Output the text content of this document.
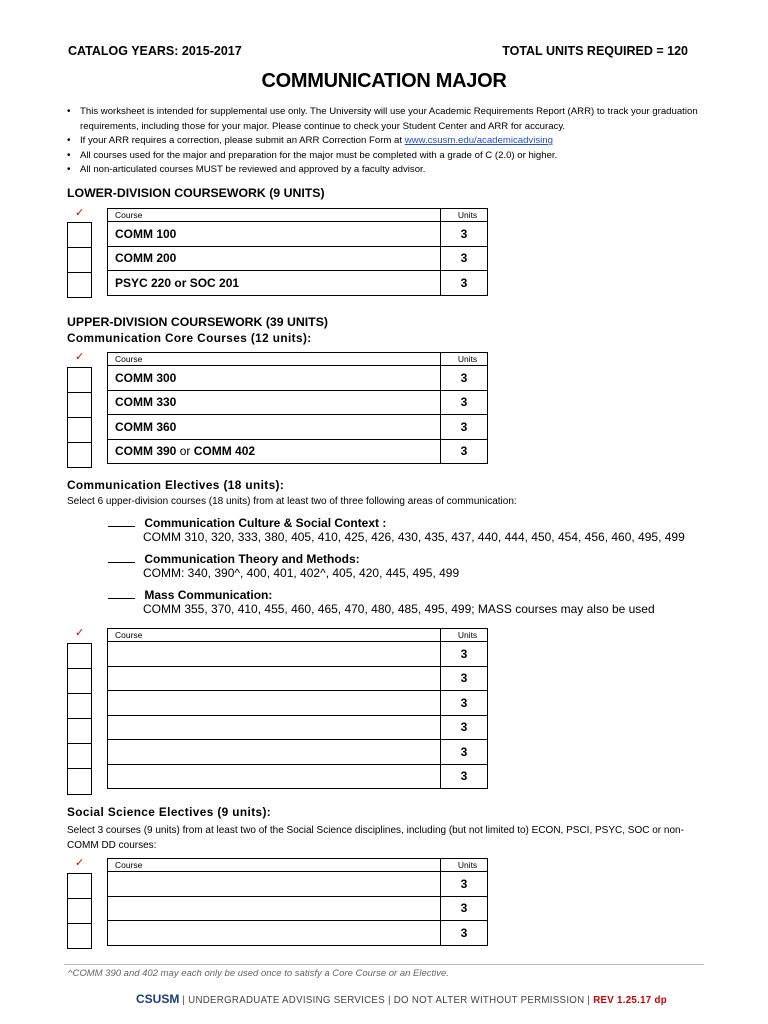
CATALOG YEARS: 2015-2017	TOTAL UNITS REQUIRED = 120
COMMUNICATION MAJOR
• This worksheet is intended for supplemental use only. The University will use your Academic Requirements Report (ARR) to track your graduation requirements, including those for your major. Please continue to check your Student Center and ARR for accuracy.
• If your ARR requires a correction, please submit an ARR Correction Form at www.csusm.edu/academicadvising
• All courses used for the major and preparation for the major must be completed with a grade of C (2.0) or higher.
• All non-articulated courses MUST be reviewed and approved by a faculty advisor.
LOWER-DIVISION COURSEWORK (9 UNITS)
✓	Course	Units
COMM 100	3
COMM 200	3
PSYC 220 or SOC 201	3
UPPER-DIVISION COURSEWORK (39 UNITS)
Communication Core Courses (12 units):
✓	Course	Units
COMM 300	3
COMM 330	3
COMM 360	3
COMM 390 or COMM 402	3
Communication Electives (18 units):
Select 6 upper-division courses (18 units) from at least two of three following areas of communication:
Communication Culture & Social Context :
COMM 310, 320, 333, 380, 405, 410, 425, 426, 430, 435, 437, 440, 444, 450, 454, 456, 460, 495, 499
Communication Theory and Methods:
COMM: 340, 390^, 400, 401, 402^, 405, 420, 445, 495, 499
Mass Communication:
COMM 355, 370, 410, 455, 460, 465, 470, 480, 485, 495, 499; MASS courses may also be used
✓	Course	Units
	3
	3
	3
	3
	3
	3
Social Science Electives (9 units):
Select 3 courses (9 units) from at least two of the Social Science disciplines, including (but not limited to) ECON, PSCI, PSYC, SOC or non-COMM DD courses:
✓	Course	Units
	3
	3
	3
^COMM 390 and 402 may each only be used once to satisfy a Core Course or an Elective.
CSUSM | UNDERGRADUATE ADVISING SERVICES | DO NOT ALTER WITHOUT PERMISSION | REV 1.25.17 dp
